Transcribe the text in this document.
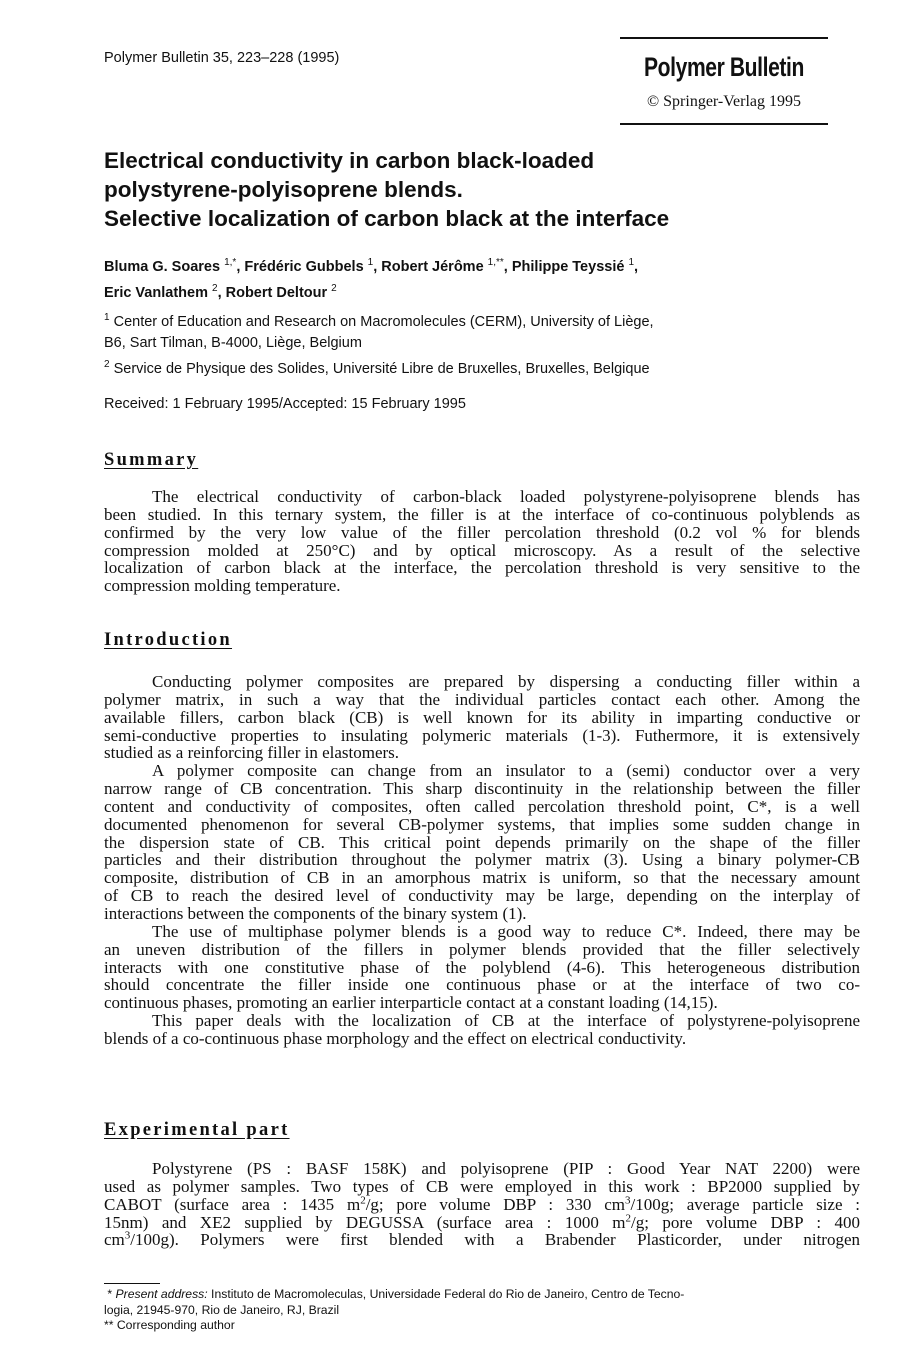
Polymer Bulletin 35, 223–228 (1995)	Polymer Bulletin
© Springer-Verlag 1995
Electrical conductivity in carbon black-loaded
polystyrene-polyisoprene blends.
Selective localization of carbon black at the interface
Bluma G. Soares $^{1,*}$, Frédéric Gubbels $^1$, Robert Jérôme $^{1,**}$, Philippe Teyssié $^1$,
Eric Vanlathem $^2$, Robert Deltour $^2$
$^1$ Center of Education and Research on Macromolecules (CERM), University of Liège,
B6, Sart Tilman, B-4000, Liège, Belgium
$^2$ Service de Physique des Solides, Université Libre de Bruxelles, Bruxelles, Belgique
Received: 1 February 1995/Accepted: 15 February 1995
Summary
The electrical conductivity of carbon-black loaded polystyrene-polyisoprene blends has
been studied. In this ternary system, the filler is at the interface of co-continuous polyblends as
confirmed by the very low value of the filler percolation threshold (0.2 vol % for blends
compression molded at 250°C) and by optical microscopy. As a result of the selective
localization of carbon black at the interface, the percolation threshold is very sensitive to the
compression molding temperature.
Introduction
Conducting polymer composites are prepared by dispersing a conducting filler within a
polymer matrix, in such a way that the individual particles contact each other. Among the
available fillers, carbon black (CB) is well known for its ability in imparting conductive or
semi-conductive properties to insulating polymeric materials (1-3). Futhermore, it is extensively
studied as a reinforcing filler in elastomers.
A polymer composite can change from an insulator to a (semi) conductor over a very
narrow range of CB concentration. This sharp discontinuity in the relationship between the filler
content and conductivity of composites, often called percolation threshold point, C*, is a well
documented phenomenon for several CB-polymer systems, that implies some sudden change in
the dispersion state of CB. This critical point depends primarily on the shape of the filler
particles and their distribution throughout the polymer matrix (3). Using a binary polymer-CB
composite, distribution of CB in an amorphous matrix is uniform, so that the necessary amount
of CB to reach the desired level of conductivity may be large, depending on the interplay of
interactions between the components of the binary system (1).
The use of multiphase polymer blends is a good way to reduce C*. Indeed, there may be
an uneven distribution of the fillers in polymer blends provided that the filler selectively
interacts with one constitutive phase of the polyblend (4-6). This heterogeneous distribution
should concentrate the filler inside one continuous phase or at the interface of two co-
continuous phases, promoting an earlier interparticle contact at a constant loading (14,15).
This paper deals with the localization of CB at the interface of polystyrene-polyisoprene
blends of a co-continuous phase morphology and the effect on electrical conductivity.
Experimental part
Polystyrene (PS : BASF 158K) and polyisoprene (PIP : Good Year NAT 2200) were
used as polymer samples. Two types of CB were employed in this work : BP2000 supplied by
CABOT (surface area : 1435 $m^2/g$; pore volume DBP : 330 $cm^3/100g$; average particle size :
15nm) and XE2 supplied by DEGUSSA (surface area : 1000 $m^2/g$; pore volume DBP : 400
$cm^3/100g$). Polymers were first blended with a Brabender Plasticorder, under nitrogen
* Present address: Instituto de Macromoleculas, Universidade Federal do Rio de Janeiro, Centro de Tecno-
logia, 21945-970, Rio de Janeiro, RJ, Brazil
** Corresponding author
